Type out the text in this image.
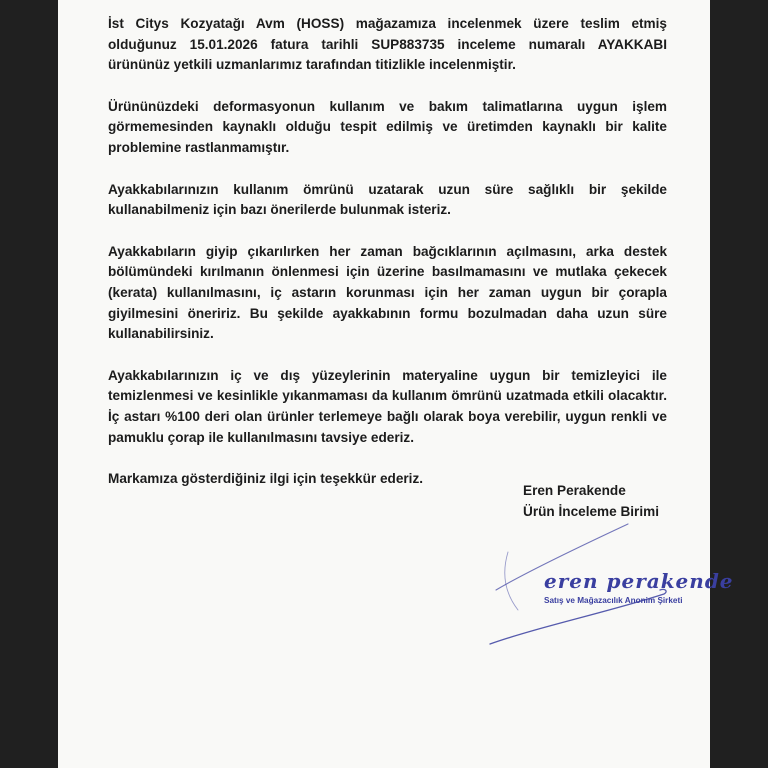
İst Citys Kozyatağı Avm (HOSS) mağazamıza incelenmek üzere teslim etmiş olduğunuz 15.01.2026 fatura tarihli SUP883735 inceleme numaralı AYAKKABI ürününüz yetkili uzmanlarımız tarafından titizlikle incelenmiştir.

Ürününüzdeki deformasyonun kullanım ve bakım talimatlarına uygun işlem görmemesinden kaynaklı olduğu tespit edilmiş ve üretimden kaynaklı bir kalite problemine rastlanmamıştır.

Ayakkabılarınızın kullanım ömrünü uzatarak uzun süre sağlıklı bir şekilde kullanabilmeniz için bazı önerilerde bulunmak isteriz.

Ayakkabıların giyip çıkarılırken her zaman bağcıklarının açılmasını, arka destek bölümündeki kırılmanın önlenmesi için üzerine basılmamasını ve mutlaka çekecek (kerata) kullanılmasını, iç astarın korunması için her zaman uygun bir çorapla giyilmesini öneririz. Bu şekilde ayakkabının formu bozulmadan daha uzun süre kullanabilirsiniz.

Ayakkabılarınızın iç ve dış yüzeylerinin materyaline uygun bir temizleyici ile temizlenmesi ve kesinlikle yıkanmaması da kullanım ömrünü uzatmada etkili olacaktır. İç astarı %100 deri olan ürünler terlemeye bağlı olarak boya verebilir, uygun renkli ve pamuklu çorap ile kullanılmasını tavsiye ederiz.

Markamıza gösterdiğiniz ilgi için teşekkür ederiz.

Eren Perakende
Ürün İnceleme Birimi
eren perakende
Satış ve Mağazacılık Anonim Şirketi
